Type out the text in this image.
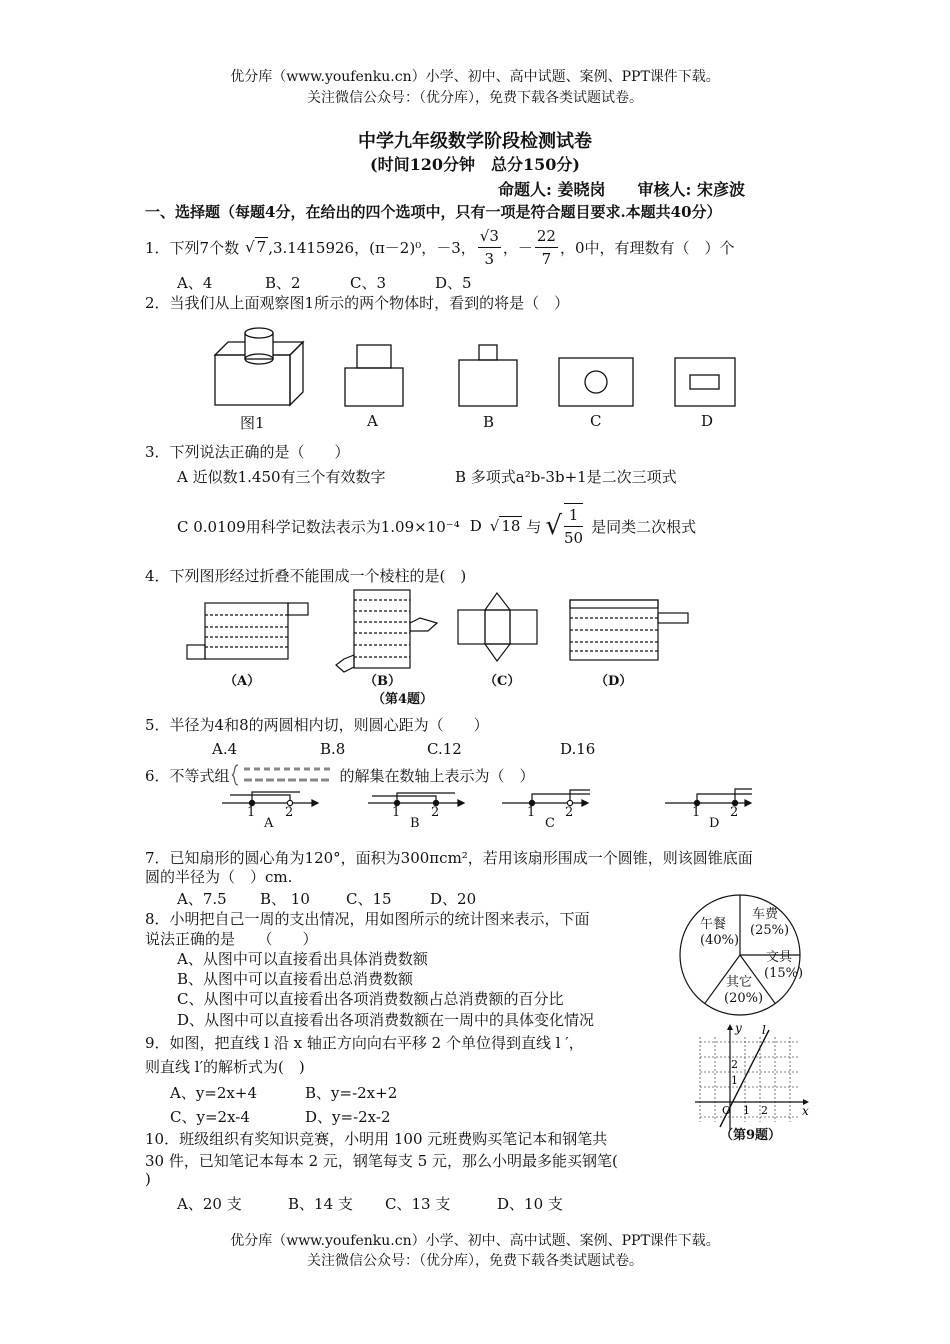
优分库（www.youfenku.cn）小学、初中、高中试题、案例、PPT课件下载。
关注微信公众号：（优分库），免费下载各类试题试卷。
中学九年级数学阶段检测试卷
(时间120分钟　总分150分)
命题人: 姜晓岗　　审核人: 宋彦波
一、选择题（每题4分，在给出的四个选项中，只有一项是符合题目要求.本题共40分）
1．下列7个数 √ 7 ,3.1415926，(π－2)⁰，－3， $\frac{√3}{3}$ ，－ $\frac{22}{7}$ ，0中，有理数有（　）个
A、4	B、2	C、3	D、5
2．当我们从上面观察图1所示的两个物体时，看到的将是（　）
图1	A	B	C	D
3．下列说法正确的是（　　）
A 近似数1.450有三个有效数字	B 多项式a²b-3b+1是二次三项式
C 0.0109用科学记数法表示为1.09×10⁻⁴ D √ 18 与 √ $\frac{1}{50}$ 是同类二次根式
4．下列图形经过折叠不能围成一个棱柱的是(　)
（A）	（B）	（C）	（D）
（第4题）
5．半径为4和8的两圆相内切，则圆心距为（　　）
A.4	B.8	C.12	D.16
6．不等式组	的解集在数轴上表示为（　）
1 2	1 2	1 2	1 2
A	B	C	D
7．已知扇形的圆心角为120°，面积为300πcm²，若用该扇形围成一个圆锥，则该圆锥底面
圆的半径为（　）cm.
A、7.5 B、 10 C、15	D、20
8．小明把自己一周的支出情况，用如图所示的统计图来表示，下面
说法正确的是　　（　　）
A、从图中可以直接看出具体消费数额
B、从图中可以直接看出总消费数额
C、从图中可以直接看出各项消费数额占总消费额的百分比
D、从图中可以直接看出各项消费数额在一周中的具体变化情况
午餐
(40%)
车费
(25%)
文具
(15%)
其它
(20%)
9．如图，把直线 l 沿 x 轴正方向向右平移 2 个单位得到直线 l ′，
则直线 l′的解析式为(　)
A、y=2x+4	B、y=-2x+2
C、y=2x-4	D、y=-2x-2
y
x
l
2
1
O 1 2
（第9题）
10．班级组织有奖知识竞赛，小明用 100 元班费购买笔记本和钢笔共
30 件，已知笔记本每本 2 元，钢笔每支 5 元，那么小明最多能买钢笔(
)
A、20 支	B、14 支 C、13 支	D、10 支
优分库（www.youfenku.cn）小学、初中、高中试题、案例、PPT课件下载。
关注微信公众号：（优分库），免费下载各类试题试卷。
